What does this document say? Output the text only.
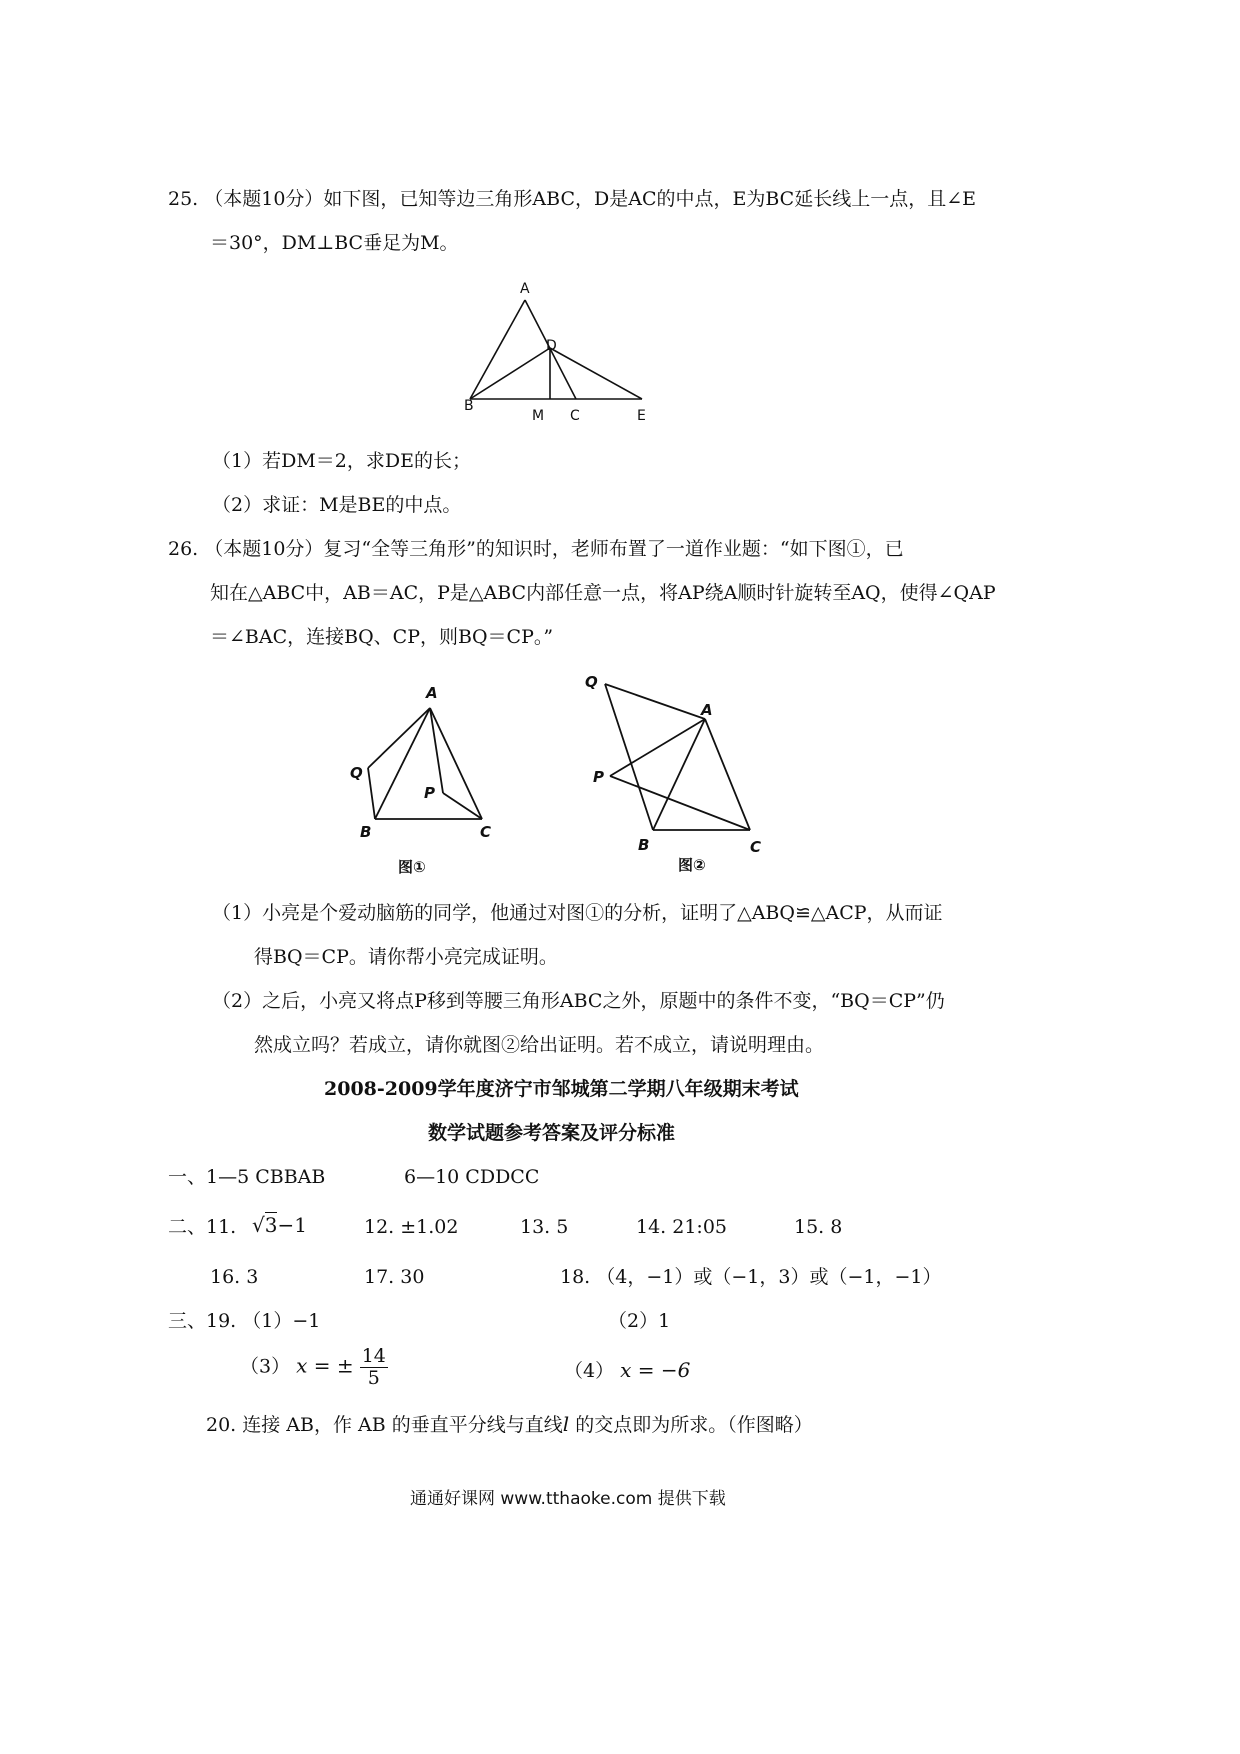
25. （本题10分）如下图，已知等边三角形ABC，D是AC的中点，E为BC延长线上一点，且∠E
＝30°，DM⊥BC垂足为M。
A
D
B
M C	E
（1）若DM＝2，求DE的长；
（2）求证：M是BE的中点。
26. （本题10分）复习“全等三角形”的知识时，老师布置了一道作业题：“如下图①，已
知在△ABC中，AB＝AC，P是△ABC内部任意一点，将AP绕A顺时针旋转至AQ，使得∠QAP
＝∠BAC，连接BQ、CP，则BQ＝CP。”
A
Q
P
B	C
图①
Q
A
P
B	C
图②
（1）小亮是个爱动脑筋的同学，他通过对图①的分析，证明了△ABQ≌△ACP，从而证
得BQ＝CP。请你帮小亮完成证明。
（2）之后，小亮又将点P移到等腰三角形ABC之外，原题中的条件不变，“BQ＝CP”仍
然成立吗？若成立，请你就图②给出证明。若不成立，请说明理由。
2008-2009学年度济宁市邹城第二学期八年级期末考试
数学试题参考答案及评分标准
一、1—5 CBBAB	6—10 CDDCC
二、11. √3−1	12. ±1.02	13. 5	14. 21:05	15. 8
16. 3	17. 30	18. （4，−1）或（−1，3）或（−1，−1）
三、19. （1）−1	（2）1
（3） x = ± $\frac{14}{5}$	（4） x = −6
20. 连接 AB，作 AB 的垂直平分线与直线l 的交点即为所求。（作图略）
通通好课网 www.tthaoke.com 提供下载
